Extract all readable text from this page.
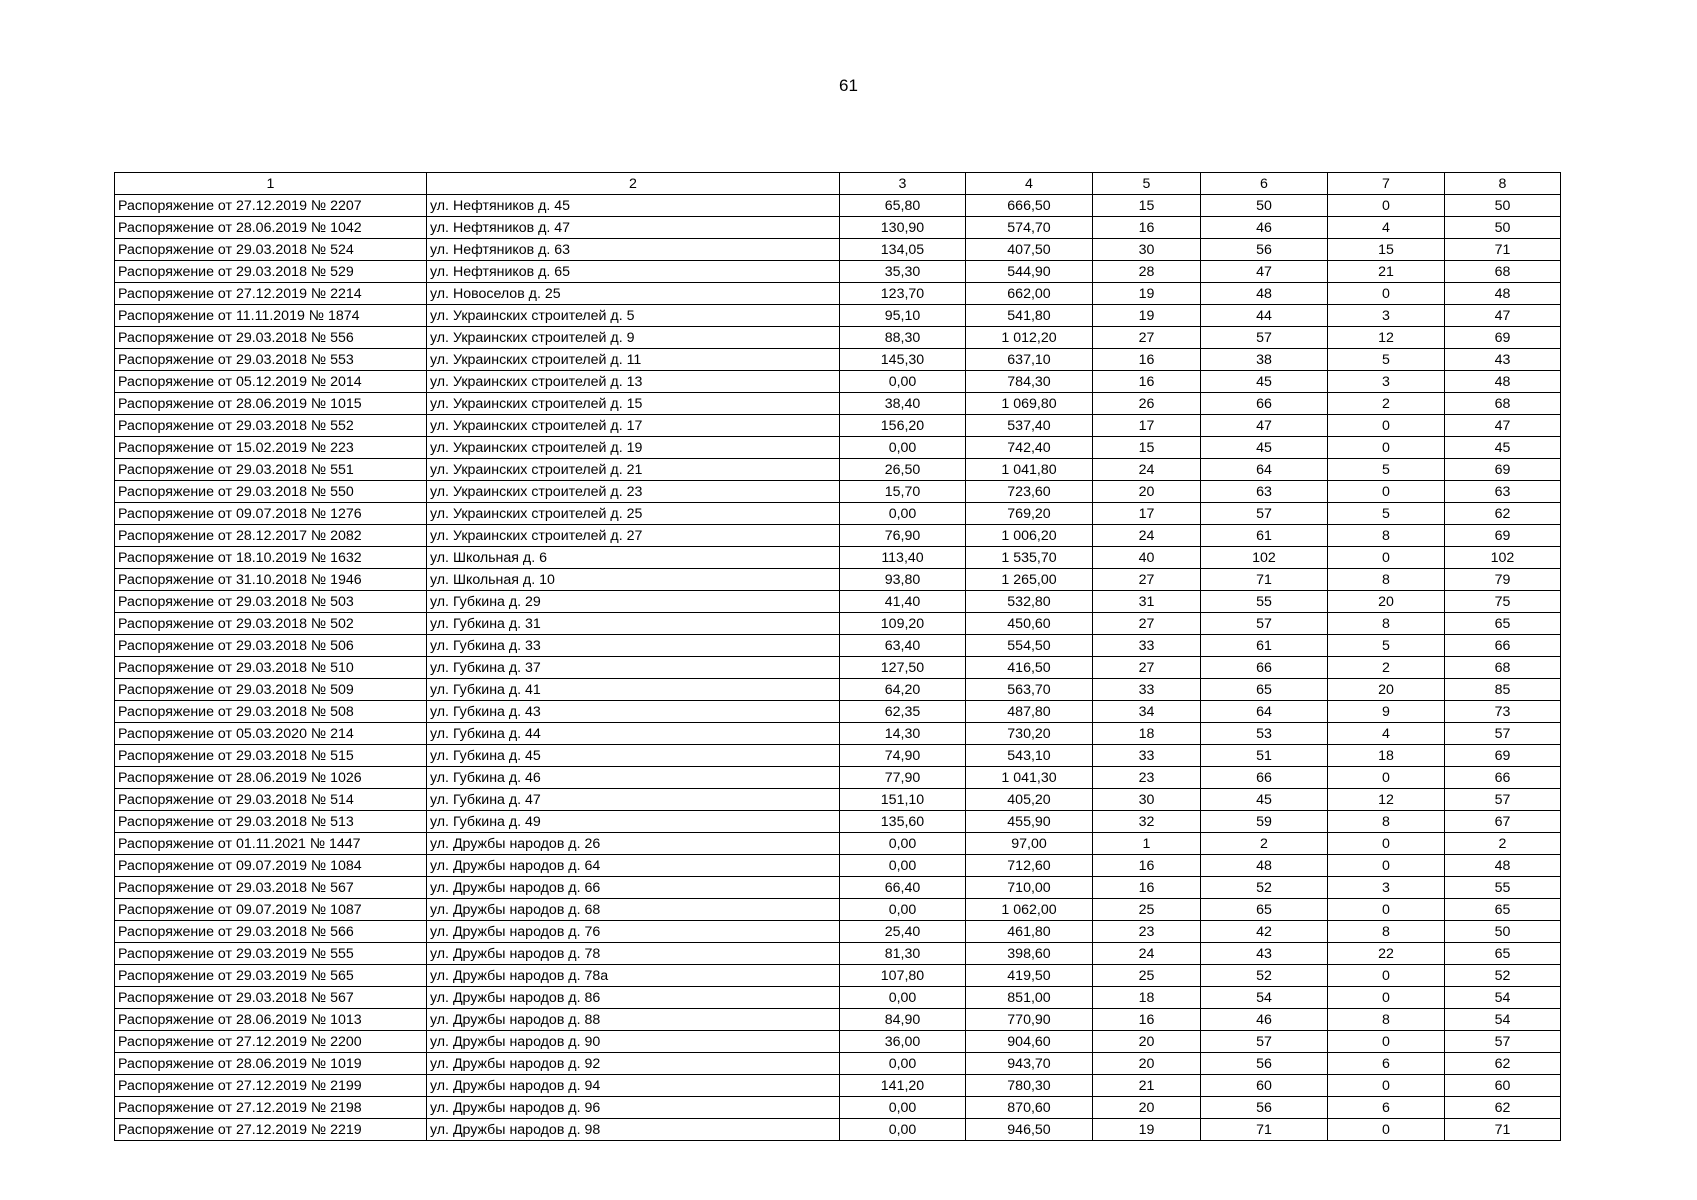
61
1	2	3	4	5	6	7	8
Распоряжение от 27.12.2019 № 2207	ул. Нефтяников д. 45	65,80	666,50	15	50	0	50
Распоряжение от 28.06.2019 № 1042	ул. Нефтяников д. 47	130,90	574,70	16	46	4	50
Распоряжение от 29.03.2018 № 524	ул. Нефтяников д. 63	134,05	407,50	30	56	15	71
Распоряжение от 29.03.2018 № 529	ул. Нефтяников д. 65	35,30	544,90	28	47	21	68
Распоряжение от 27.12.2019 № 2214	ул. Новоселов д. 25	123,70	662,00	19	48	0	48
Распоряжение от 11.11.2019 № 1874	ул. Украинских строителей д. 5	95,10	541,80	19	44	3	47
Распоряжение от 29.03.2018 № 556	ул. Украинских строителей д. 9	88,30	1 012,20	27	57	12	69
Распоряжение от 29.03.2018 № 553	ул. Украинских строителей д. 11	145,30	637,10	16	38	5	43
Распоряжение от 05.12.2019 № 2014	ул. Украинских строителей д. 13	0,00	784,30	16	45	3	48
Распоряжение от 28.06.2019 № 1015	ул. Украинских строителей д. 15	38,40	1 069,80	26	66	2	68
Распоряжение от 29.03.2018 № 552	ул. Украинских строителей д. 17	156,20	537,40	17	47	0	47
Распоряжение от 15.02.2019 № 223	ул. Украинских строителей д. 19	0,00	742,40	15	45	0	45
Распоряжение от 29.03.2018 № 551	ул. Украинских строителей д. 21	26,50	1 041,80	24	64	5	69
Распоряжение от 29.03.2018 № 550	ул. Украинских строителей д. 23	15,70	723,60	20	63	0	63
Распоряжение от 09.07.2018 № 1276	ул. Украинских строителей д. 25	0,00	769,20	17	57	5	62
Распоряжение от 28.12.2017 № 2082	ул. Украинских строителей д. 27	76,90	1 006,20	24	61	8	69
Распоряжение от 18.10.2019 № 1632	ул. Школьная д. 6	113,40	1 535,70	40	102	0	102
Распоряжение от 31.10.2018 № 1946	ул. Школьная д. 10	93,80	1 265,00	27	71	8	79
Распоряжение от 29.03.2018 № 503	ул. Губкина д. 29	41,40	532,80	31	55	20	75
Распоряжение от 29.03.2018 № 502	ул. Губкина д. 31	109,20	450,60	27	57	8	65
Распоряжение от 29.03.2018 № 506	ул. Губкина д. 33	63,40	554,50	33	61	5	66
Распоряжение от 29.03.2018 № 510	ул. Губкина д. 37	127,50	416,50	27	66	2	68
Распоряжение от 29.03.2018 № 509	ул. Губкина д. 41	64,20	563,70	33	65	20	85
Распоряжение от 29.03.2018 № 508	ул. Губкина д. 43	62,35	487,80	34	64	9	73
Распоряжение от 05.03.2020 № 214	ул. Губкина д. 44	14,30	730,20	18	53	4	57
Распоряжение от 29.03.2018 № 515	ул. Губкина д. 45	74,90	543,10	33	51	18	69
Распоряжение от 28.06.2019 № 1026	ул. Губкина д. 46	77,90	1 041,30	23	66	0	66
Распоряжение от 29.03.2018 № 514	ул. Губкина д. 47	151,10	405,20	30	45	12	57
Распоряжение от 29.03.2018 № 513	ул. Губкина д. 49	135,60	455,90	32	59	8	67
Распоряжение от 01.11.2021 № 1447	ул. Дружбы народов д. 26	0,00	97,00	1	2	0	2
Распоряжение от 09.07.2019 № 1084	ул. Дружбы народов д. 64	0,00	712,60	16	48	0	48
Распоряжение от 29.03.2018 № 567	ул. Дружбы народов д. 66	66,40	710,00	16	52	3	55
Распоряжение от 09.07.2019 № 1087	ул. Дружбы народов д. 68	0,00	1 062,00	25	65	0	65
Распоряжение от 29.03.2018 № 566	ул. Дружбы народов д. 76	25,40	461,80	23	42	8	50
Распоряжение от 29.03.2019 № 555	ул. Дружбы народов д. 78	81,30	398,60	24	43	22	65
Распоряжение от 29.03.2019 № 565	ул. Дружбы народов д. 78а	107,80	419,50	25	52	0	52
Распоряжение от 29.03.2018 № 567	ул. Дружбы народов д. 86	0,00	851,00	18	54	0	54
Распоряжение от 28.06.2019 № 1013	ул. Дружбы народов д. 88	84,90	770,90	16	46	8	54
Распоряжение от 27.12.2019 № 2200	ул. Дружбы народов д. 90	36,00	904,60	20	57	0	57
Распоряжение от 28.06.2019 № 1019	ул. Дружбы народов д. 92	0,00	943,70	20	56	6	62
Распоряжение от 27.12.2019 № 2199	ул. Дружбы народов д. 94	141,20	780,30	21	60	0	60
Распоряжение от 27.12.2019 № 2198	ул. Дружбы народов д. 96	0,00	870,60	20	56	6	62
Распоряжение от 27.12.2019 № 2219	ул. Дружбы народов д. 98	0,00	946,50	19	71	0	71
